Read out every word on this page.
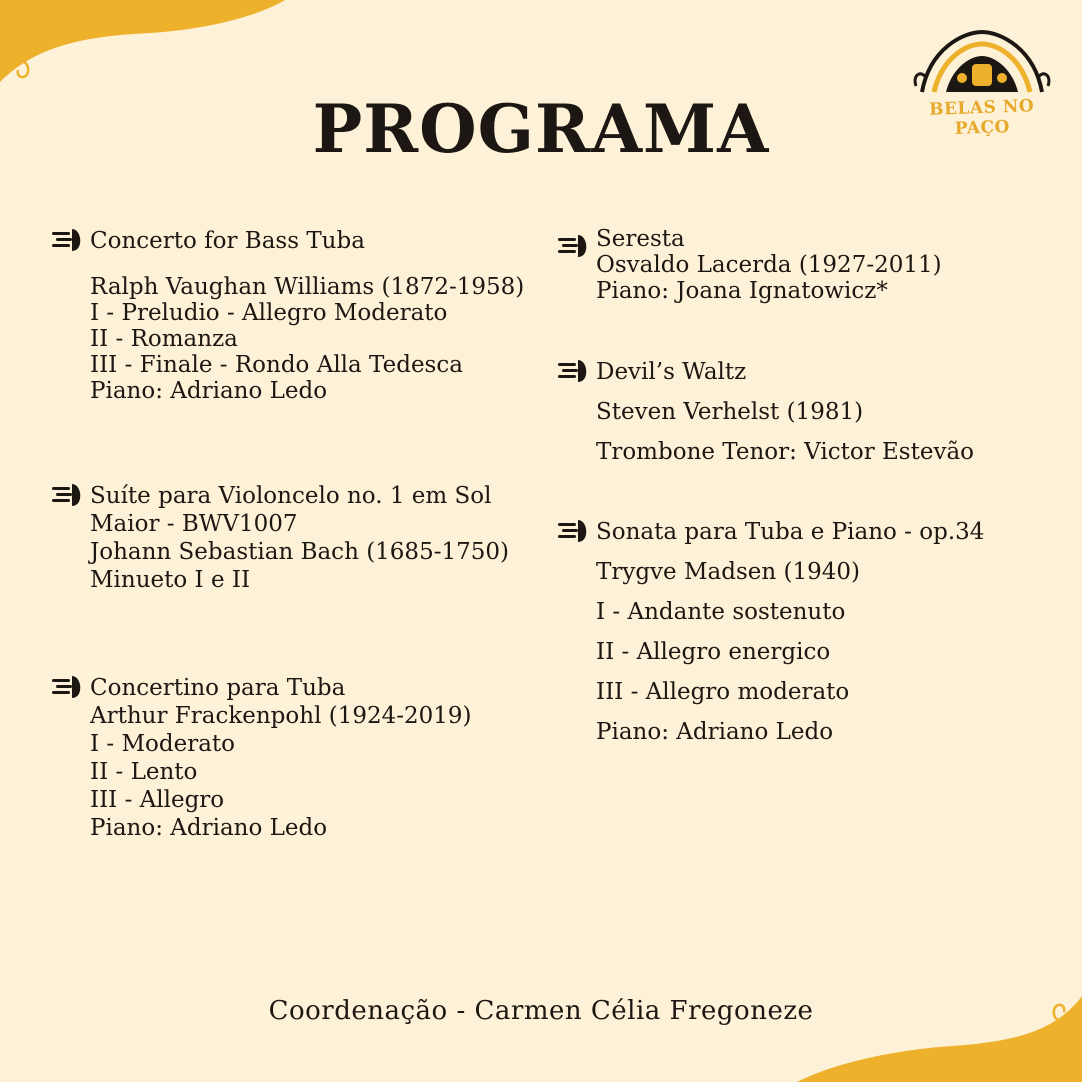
BELAS NO PAÇO
PROGRAMA
Concerto for Bass Tuba
Ralph Vaughan Williams (1872-1958)
I - Preludio - Allegro Moderato
II - Romanza
III - Finale - Rondo Alla Tedesca
Piano: Adriano Ledo
Suíte para Violoncelo no. 1 em Sol
Maior - BWV1007
Johann Sebastian Bach (1685-1750)
Minueto I e II
Concertino para Tuba
Arthur Frackenpohl (1924-2019)
I - Moderato
II - Lento
III - Allegro
Piano: Adriano Ledo
Seresta
Osvaldo Lacerda (1927-2011)
Piano: Joana Ignatowicz*
Devil’s Waltz
Steven Verhelst (1981)
Trombone Tenor: Victor Estevão
Sonata para Tuba e Piano - op.34
Trygve Madsen (1940)
I - Andante sostenuto
II - Allegro energico
III - Allegro moderato
Piano: Adriano Ledo
Coordenação - Carmen Célia Fregoneze
